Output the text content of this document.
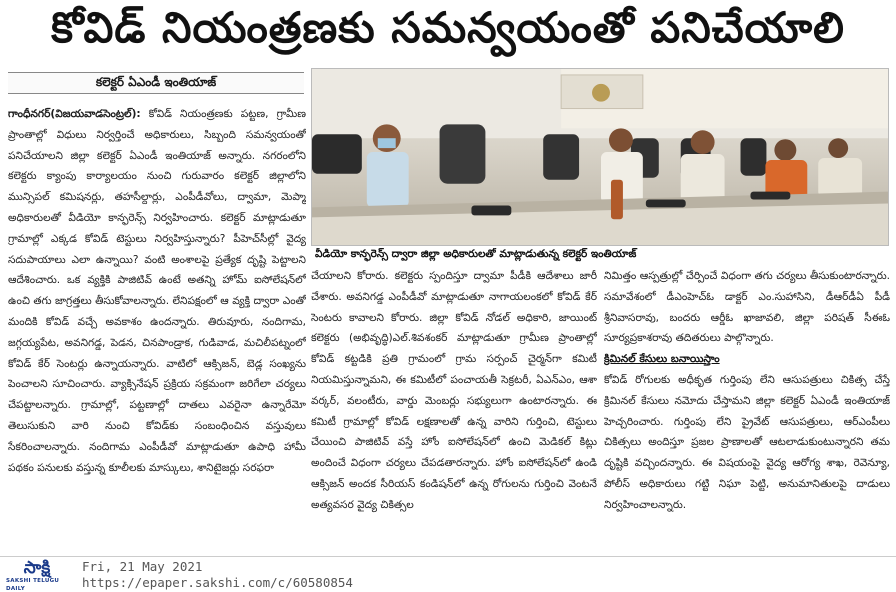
కోవిడ్ నియంత్రణకు సమన్వయంతో పనిచేయాలి
కలెక్టర్ ఏఎండీ ఇంతియాజ్
వీడియో కాన్ఫరెన్స్ ద్వారా జిల్లా అధికారులతో మాట్లాడుతున్న కలెక్టర్ ఇంతియాజ్

గాంధీనగర్(విజయవాడసెంట్రల్): కోవిడ్ నియంత్రణకు పట్టణ, గ్రామీణ ప్రాంతాల్లో విధులు నిర్వర్తించే అధికారులు, సిబ్బంది సమన్వయంతో పనిచేయాలని జిల్లా కలెక్టర్ ఏఎండీ ఇంతియాజ్ అన్నారు. నగరంలోని కలెక్టరు క్యాంపు కార్యాలయం నుంచి గురువారం కలెక్టర్ జిల్లాలోని మున్సిపల్ కమిషనర్లు, తహసీల్దార్లు, ఎంపీడీవోలు, ద్వామా, మెప్మా అధికారులతో వీడియో కాన్ఫరెన్స్ నిర్వహించారు. కలెక్టర్ మాట్లాడుతూ గ్రామాల్లో ఎక్కడ కోవిడ్ టెస్టులు నిర్వహిస్తున్నారు? పీహెచ్‌సీల్లో వైద్య సదుపాయాలు ఎలా ఉన్నాయి? వంటి అంశాలపై ప్రత్యేక దృష్టి పెట్టాలని ఆదేశించారు. ఒక వ్యక్తికి పాజిటివ్ ఉంటే అతన్ని హోమ్ ఐసోలేషన్‌లో ఉంచి తగు జాగ్రత్తలు తీసుకోవాలన్నారు. లేనిపక్షంలో ఆ వ్యక్తి ద్వారా ఎంతో మందికి కోవిడ్ వచ్చే అవకాశం ఉందన్నారు. తిరువూరు, నందిగామ, జగ్గయ్యపేట, అవనిగడ్డ, పెడన, చినపాండ్రాక, గుడివాడ, మచిలీపట్నంలో కోవిడ్ కేర్ సెంటర్లు ఉన్నాయన్నారు. వాటిలో ఆక్సిజన్, బెడ్ల సంఖ్యను పెంచాలని సూచించారు. వ్యాక్సినేషన్ ప్రక్రియ సక్రమంగా జరిగేలా చర్యలు చేపట్టాలన్నారు. గ్రామాల్లో, పట్టణాల్లో దాతలు ఎవరైనా ఉన్నారేమో తెలుసుకుని వారి నుంచి కోవిడ్‌కు సంబంధించిన వస్తువులు సేకరించాలన్నారు. నందిగామ ఎంపీడీవో మాట్లాడుతూ ఉపాధి హామీ పథకం పనులకు వస్తున్న కూలీలకు మాస్కులు, శానిటైజర్లు సరఫరా

చేయాలని కోరారు. కలెక్టరు స్పందిస్తూ ద్వామా పీడీకి ఆదేశాలు జారీ చేశారు. అవనిగడ్డ ఎంపీడీవో మాట్లాడుతూ నాగాయలంకలో కోవిడ్ కేర్ సెంటరు కావాలని కోరారు. జిల్లా కోవిడ్ నోడల్ అధికారి, జాయింట్ కలెక్టరు (అభివృద్ధి)ఎల్.శివశంకర్ మాట్లాడుతూ గ్రామీణ ప్రాంతాల్లో కోవిడ్ కట్టడికి ప్రతి గ్రామంలో గ్రామ సర్పంచ్ చైర్మన్‌గా కమిటీ నియమిస్తున్నామని, ఈ కమిటీలో పంచాయతీ సెక్రటరీ, ఏఎన్ఎం, ఆశా వర్కర్, వలంటీరు, వార్డు మెంబర్లు సభ్యులుగా ఉంటారన్నారు. ఈ కమిటీ గ్రామాల్లో కోవిడ్ లక్షణాలతో ఉన్న వారిని గుర్తించి, టెస్టులు చేయించి పాజిటివ్ వస్తే హోం ఐసోలేషన్‌లో ఉంచి మెడికల్ కిట్లు అందించే విధంగా చర్యలు చేపడతారన్నారు. హోం ఐసోలేషన్‌లో ఉండి ఆక్సిజన్ అందక సీరియస్ కండిషన్‌లో ఉన్న రోగులను గుర్తించి వెంటనే అత్యవసర వైద్య చికిత్సల

నిమిత్తం ఆస్పత్రుల్లో చేర్పించే విధంగా తగు చర్యలు తీసుకుంటారన్నారు. సమావేశంలో డీఎంహెచ్ఓ డాక్టర్ ఎం.సుహాసిని, డీఆర్‌డీఏ పీడీ శ్రీనివాసరావు, బందరు ఆర్డీఓ ఖాజావలి, జిల్లా పరిషత్ సీఈఓ సూర్యప్రకాశరావు తదితరులు పాల్గొన్నారు.

క్రిమినల్ కేసులు బనాయిస్తాం

కోవిడ్ రోగులకు అధీకృత గుర్తింపు లేని ఆసుపత్రులు చికిత్స చేస్తే క్రిమినల్ కేసులు నమోదు చేస్తామని జిల్లా కలెక్టర్ ఏఎండీ ఇంతియాజ్ హెచ్చరించారు. గుర్తింపు లేని ప్రైవేట్ ఆసుపత్రులు, ఆర్‌ఎంపీలు చికిత్సలు అందిస్తూ ప్రజల ప్రాణాలతో ఆటలాడుకుంటున్నారని తమ దృష్టికి వచ్చిందన్నారు. ఈ విషయంపై వైద్య ఆరోగ్య శాఖ, రెవెన్యూ, పోలీస్ అధికారులు గట్టి నిఘా పెట్టి, అనుమానితులపై దాడులు నిర్వహించాలన్నారు.

సాక్షి
SAKSHI TELUGU DAILY
Fri, 21 May 2021
https://epaper.sakshi.com/c/60580854
